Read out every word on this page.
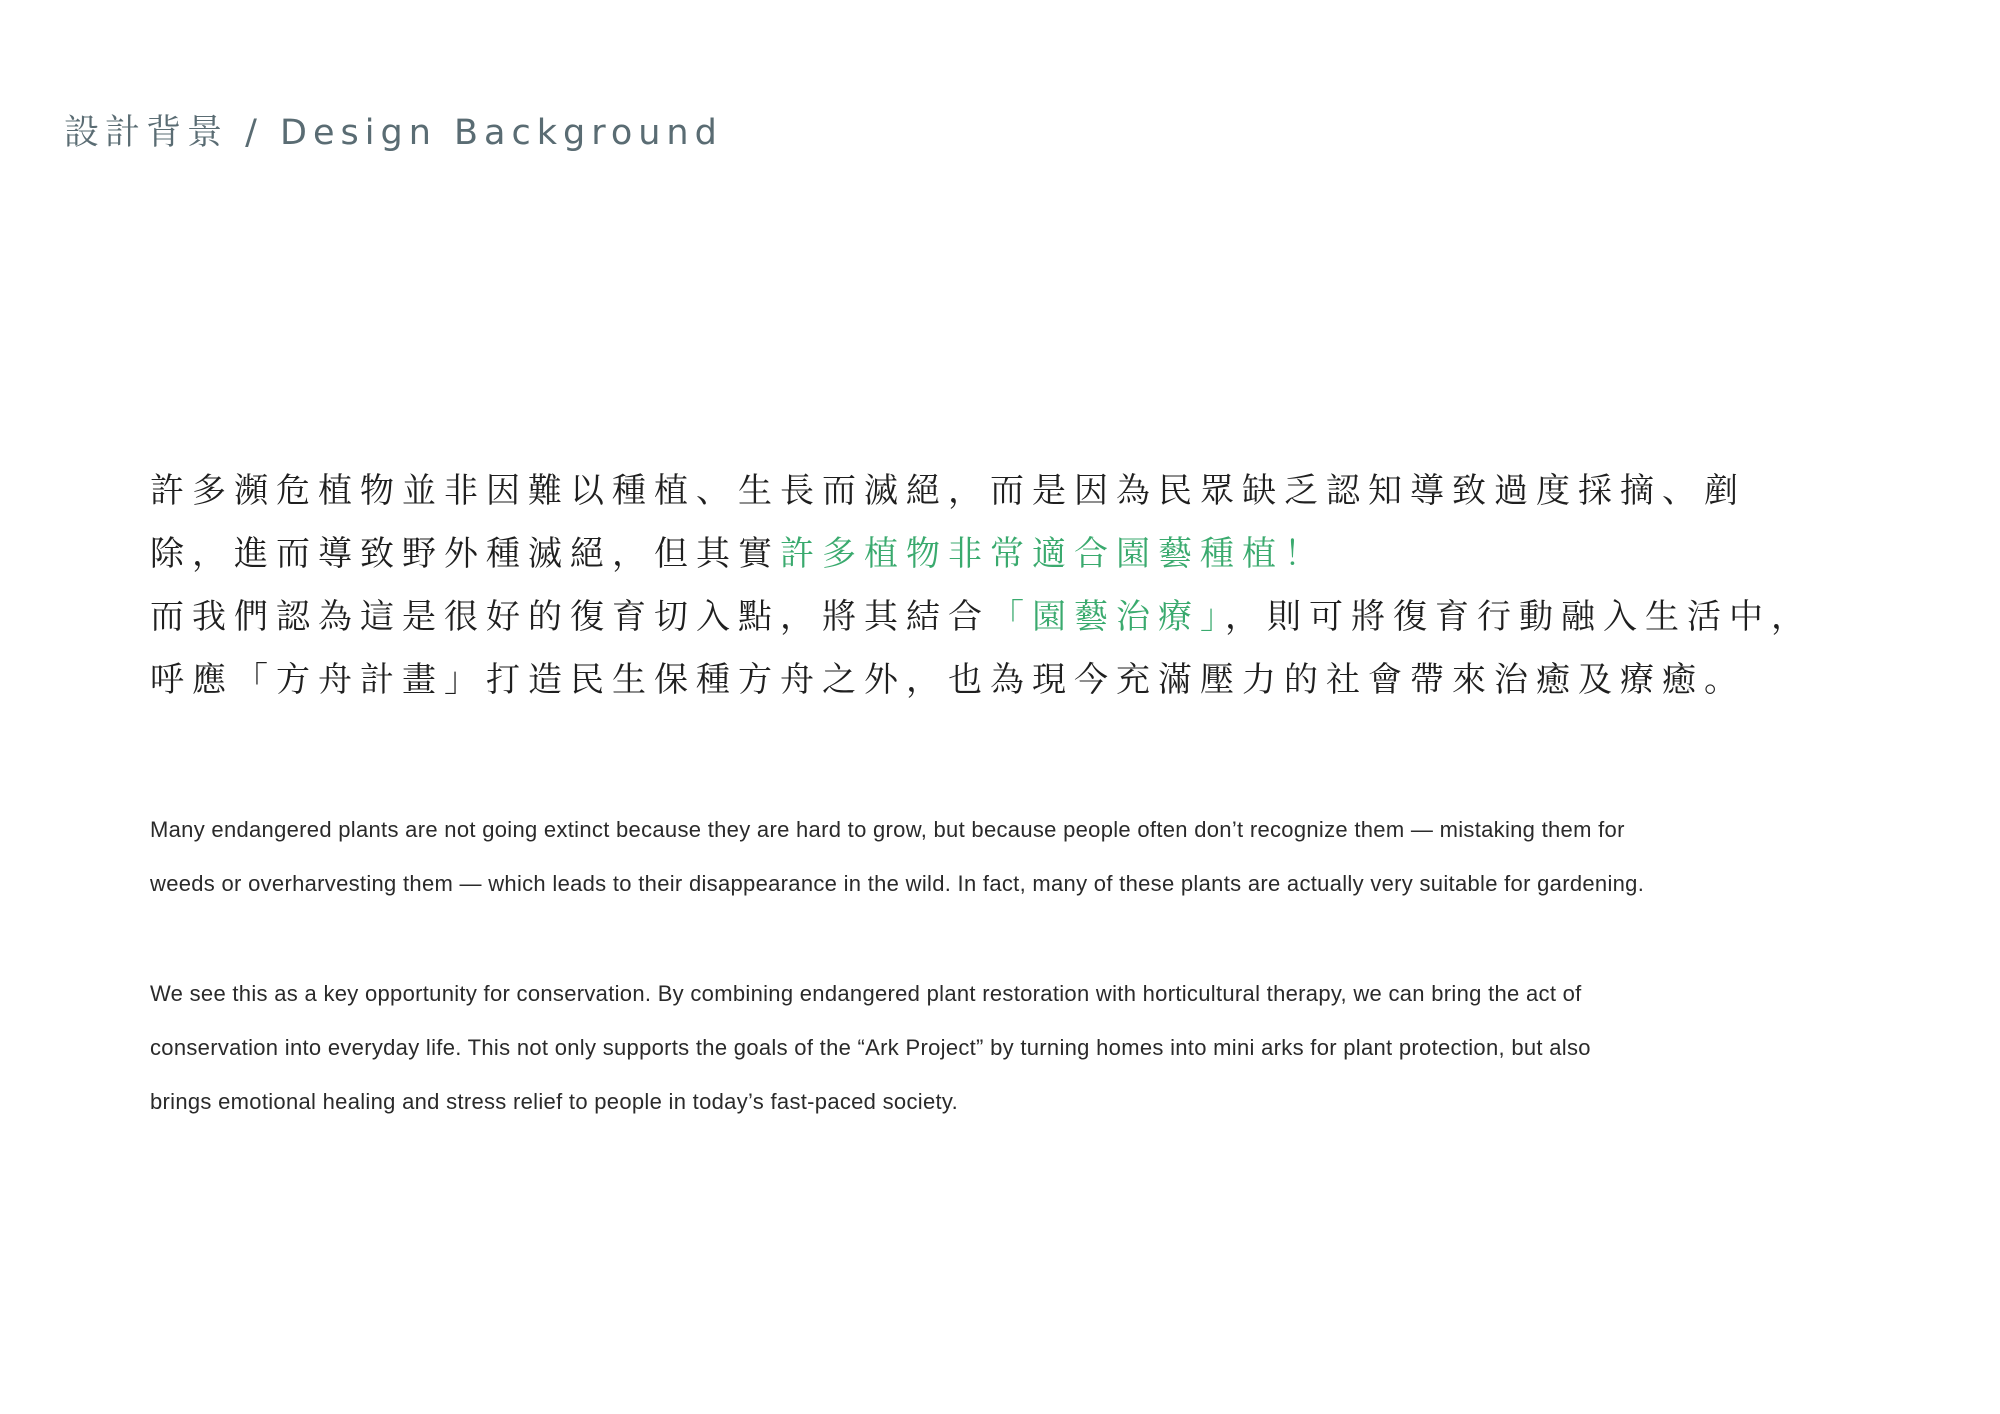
設計背景 / Design Background
許多瀕危植物並非因難以種植、生長而滅絕，而是因為民眾缺乏認知導致過度採摘、剷
除，進而導致野外種滅絕，但其實許多植物非常適合園藝種植！
而我們認為這是很好的復育切入點，將其結合「園藝治療」，則可將復育行動融入生活中，
呼應「方舟計畫」打造民生保種方舟之外，也為現今充滿壓力的社會帶來治癒及療癒。
Many endangered plants are not going extinct because they are hard to grow, but because people often don’t recognize them — mistaking them for
weeds or overharvesting them — which leads to their disappearance in the wild. In fact, many of these plants are actually very suitable for gardening.
We see this as a key opportunity for conservation. By combining endangered plant restoration with horticultural therapy, we can bring the act of
conservation into everyday life. This not only supports the goals of the “Ark Project” by turning homes into mini arks for plant protection, but also
brings emotional healing and stress relief to people in today’s fast-paced society.
